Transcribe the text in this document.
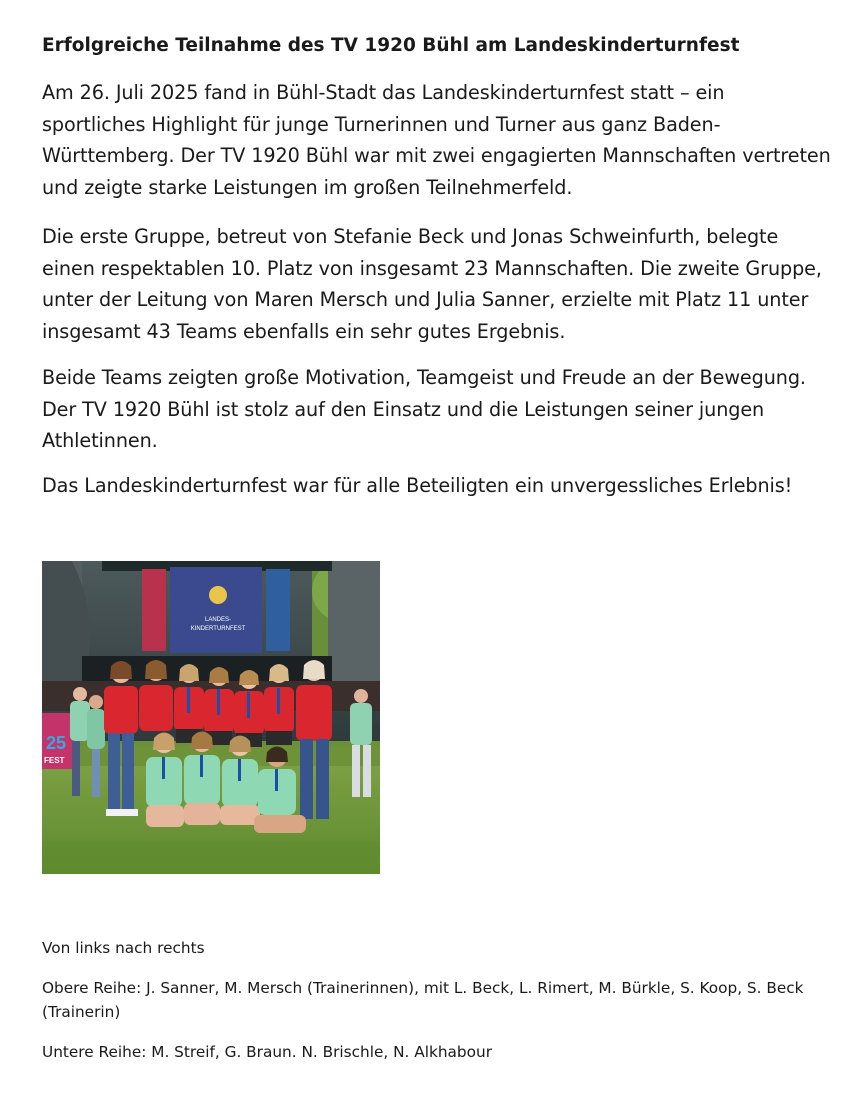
Erfolgreiche Teilnahme des TV 1920 Bühl am Landeskinderturnfest

Am 26. Juli 2025 fand in Bühl-Stadt das Landeskinderturnfest statt – ein sportliches Highlight für junge Turnerinnen und Turner aus ganz Baden-Württemberg. Der TV 1920 Bühl war mit zwei engagierten Mannschaften vertreten und zeigte starke Leistungen im großen Teilnehmerfeld.

Die erste Gruppe, betreut von Stefanie Beck und Jonas Schweinfurth, belegte einen respektablen 10. Platz von insgesamt 23 Mannschaften. Die zweite Gruppe, unter der Leitung von Maren Mersch und Julia Sanner, erzielte mit Platz 11 unter insgesamt 43 Teams ebenfalls ein sehr gutes Ergebnis.

Beide Teams zeigten große Motivation, Teamgeist und Freude an der Bewegung. Der TV 1920 Bühl ist stolz auf den Einsatz und die Leistungen seiner jungen Athletinnen.

Das Landeskinderturnfest war für alle Beteiligten ein unvergessliches Erlebnis!

LANDES-
KINDERTURNFEST
25
FEST

Von links nach rechts

Obere Reihe: J. Sanner, M. Mersch (Trainerinnen), mit L. Beck, L. Rimert, M. Bürkle, S. Koop, S. Beck (Trainerin)

Untere Reihe: M. Streif, G. Braun. N. Brischle, N. Alkhabour
